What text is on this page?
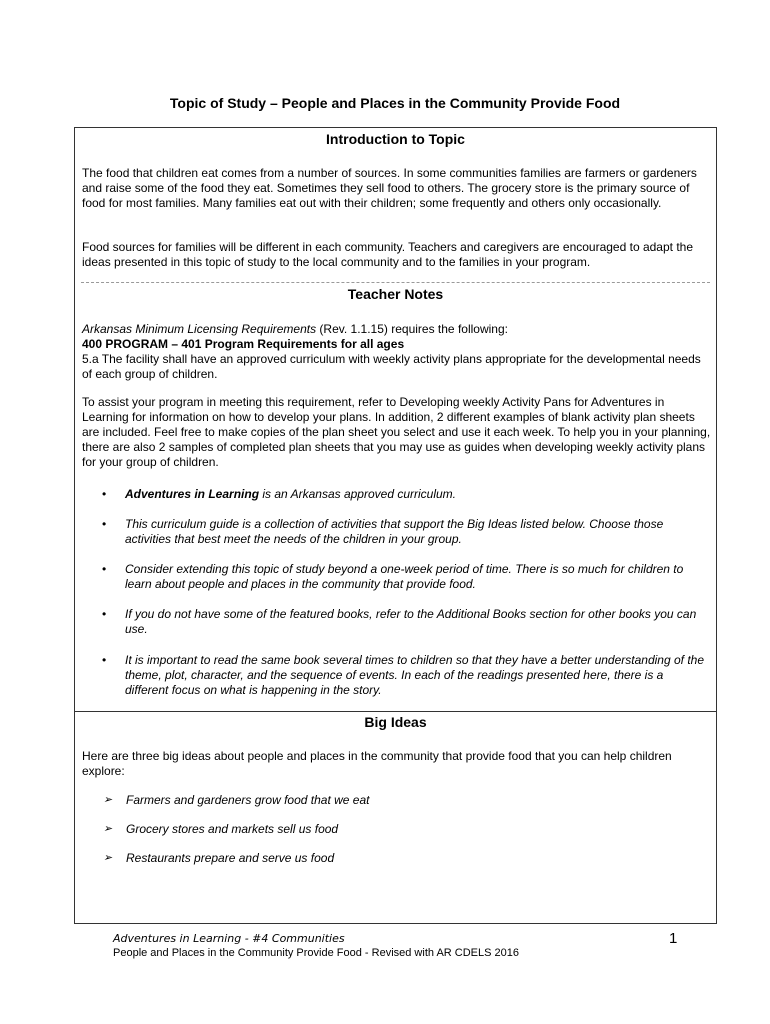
Topic of Study – People and Places in the Community Provide Food
Introduction to Topic

The food that children eat comes from a number of sources. In some communities families are farmers or gardeners and raise some of the food they eat. Sometimes they sell food to others. The grocery store is the primary source of food for most families. Many families eat out with their children; some frequently and others only occasionally.

Food sources for families will be different in each community. Teachers and caregivers are encouraged to adapt the ideas presented in this topic of study to the local community and to the families in your program.

Teacher Notes

Arkansas Minimum Licensing Requirements (Rev. 1.1.15) requires the following:

400 PROGRAM – 401 Program Requirements for all ages

5.a The facility shall have an approved curriculum with weekly activity plans appropriate for the developmental needs of each group of children.

To assist your program in meeting this requirement, refer to Developing weekly Activity Pans for Adventures in Learning for information on how to develop your plans. In addition, 2 different examples of blank activity plan sheets are included. Feel free to make copies of the plan sheet you select and use it each week. To help you in your planning, there are also 2 samples of completed plan sheets that you may use as guides when developing weekly activity plans for your group of children.

• Adventures in Learning is an Arkansas approved curriculum.
• This curriculum guide is a collection of activities that support the Big Ideas listed below. Choose those activities that best meet the needs of the children in your group.
• Consider extending this topic of study beyond a one-week period of time. There is so much for children to learn about people and places in the community that provide food.
• If you do not have some of the featured books, refer to the Additional Books section for other books you can use.
• It is important to read the same book several times to children so that they have a better understanding of the theme, plot, character, and the sequence of events. In each of the readings presented here, there is a different focus on what is happening in the story.
Big Ideas

Here are three big ideas about people and places in the community that provide food that you can help children explore:

➢ Farmers and gardeners grow food that we eat
➢ Grocery stores and markets sell us food
➢ Restaurants prepare and serve us food
Adventures in Learning - #4 Communities
People and Places in the Community Provide Food - Revised with AR CDELS 2016
1
